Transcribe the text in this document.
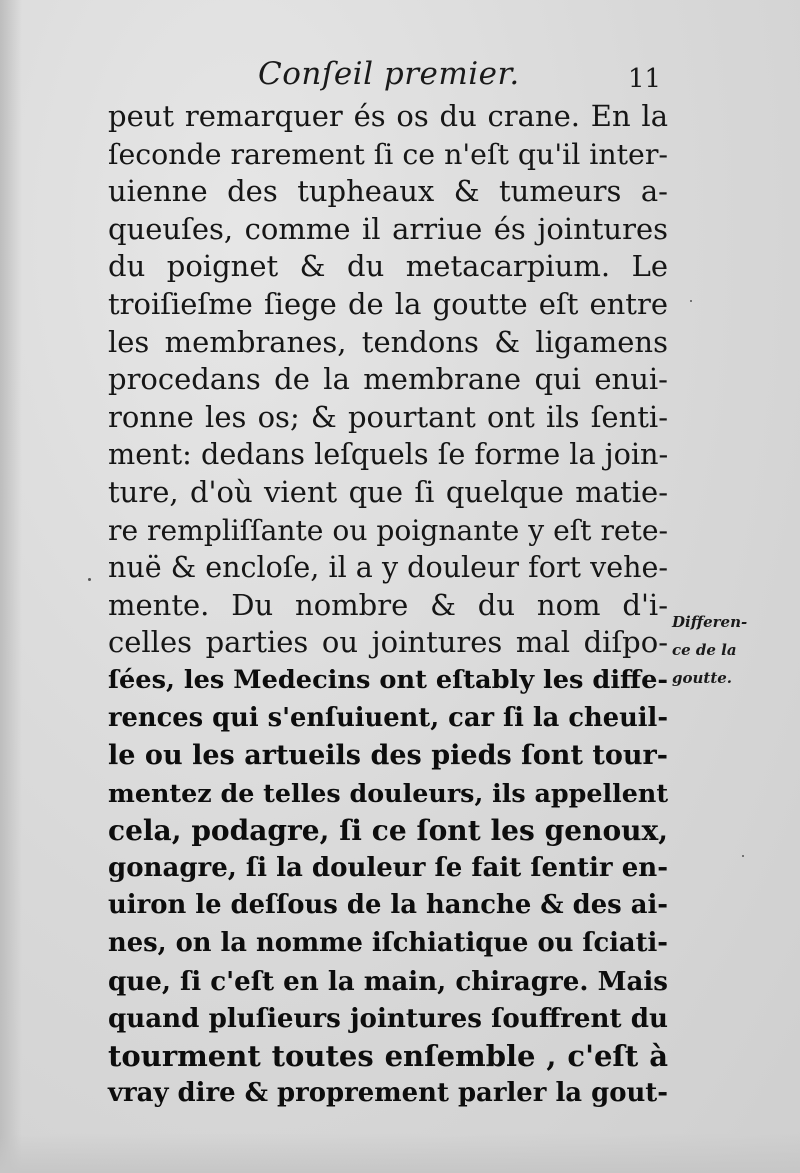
Conſeil premier.	11
peut remarquer és os du crane. En la
ſeconde rarement ſi ce n'eſt qu'il inter-
uienne des tupheaux & tumeurs a-
queuſes, comme il arriue és jointures
du poignet & du metacarpium. Le
troiſieſme ſiege de la goutte eſt entre
les membranes, tendons & ligamens
procedans de la membrane qui enui-
ronne les os; & pourtant ont ils ſenti-
ment: dedans leſquels ſe forme la join-
ture, d'où vient que ſi quelque matie-
re rempliſſante ou poignante y eſt rete-
nuë & encloſe, il a y douleur fort vehe-
mente. Du nombre & du nom d'i-
celles parties ou jointures mal diſpo-
ſées, les Medecins ont eſtably les diffe-
rences qui s'enſuiuent, car ſi la cheuil-
le ou les artueils des pieds ſont tour-
mentez de telles douleurs, ils appellent
cela, podagre, ſi ce ſont les genoux,
gonagre, ſi la douleur ſe fait ſentir en-
uiron le deſſous de la hanche & des ai-
nes, on la nomme iſchiatique ou ſciati-
que, ſi c'eſt en la main, chiragre. Mais
quand pluſieurs jointures ſouffrent du
tourment toutes enſemble , c'eſt à
vray dire & proprement parler la gout-
Differen-
ce de la
goutte.
